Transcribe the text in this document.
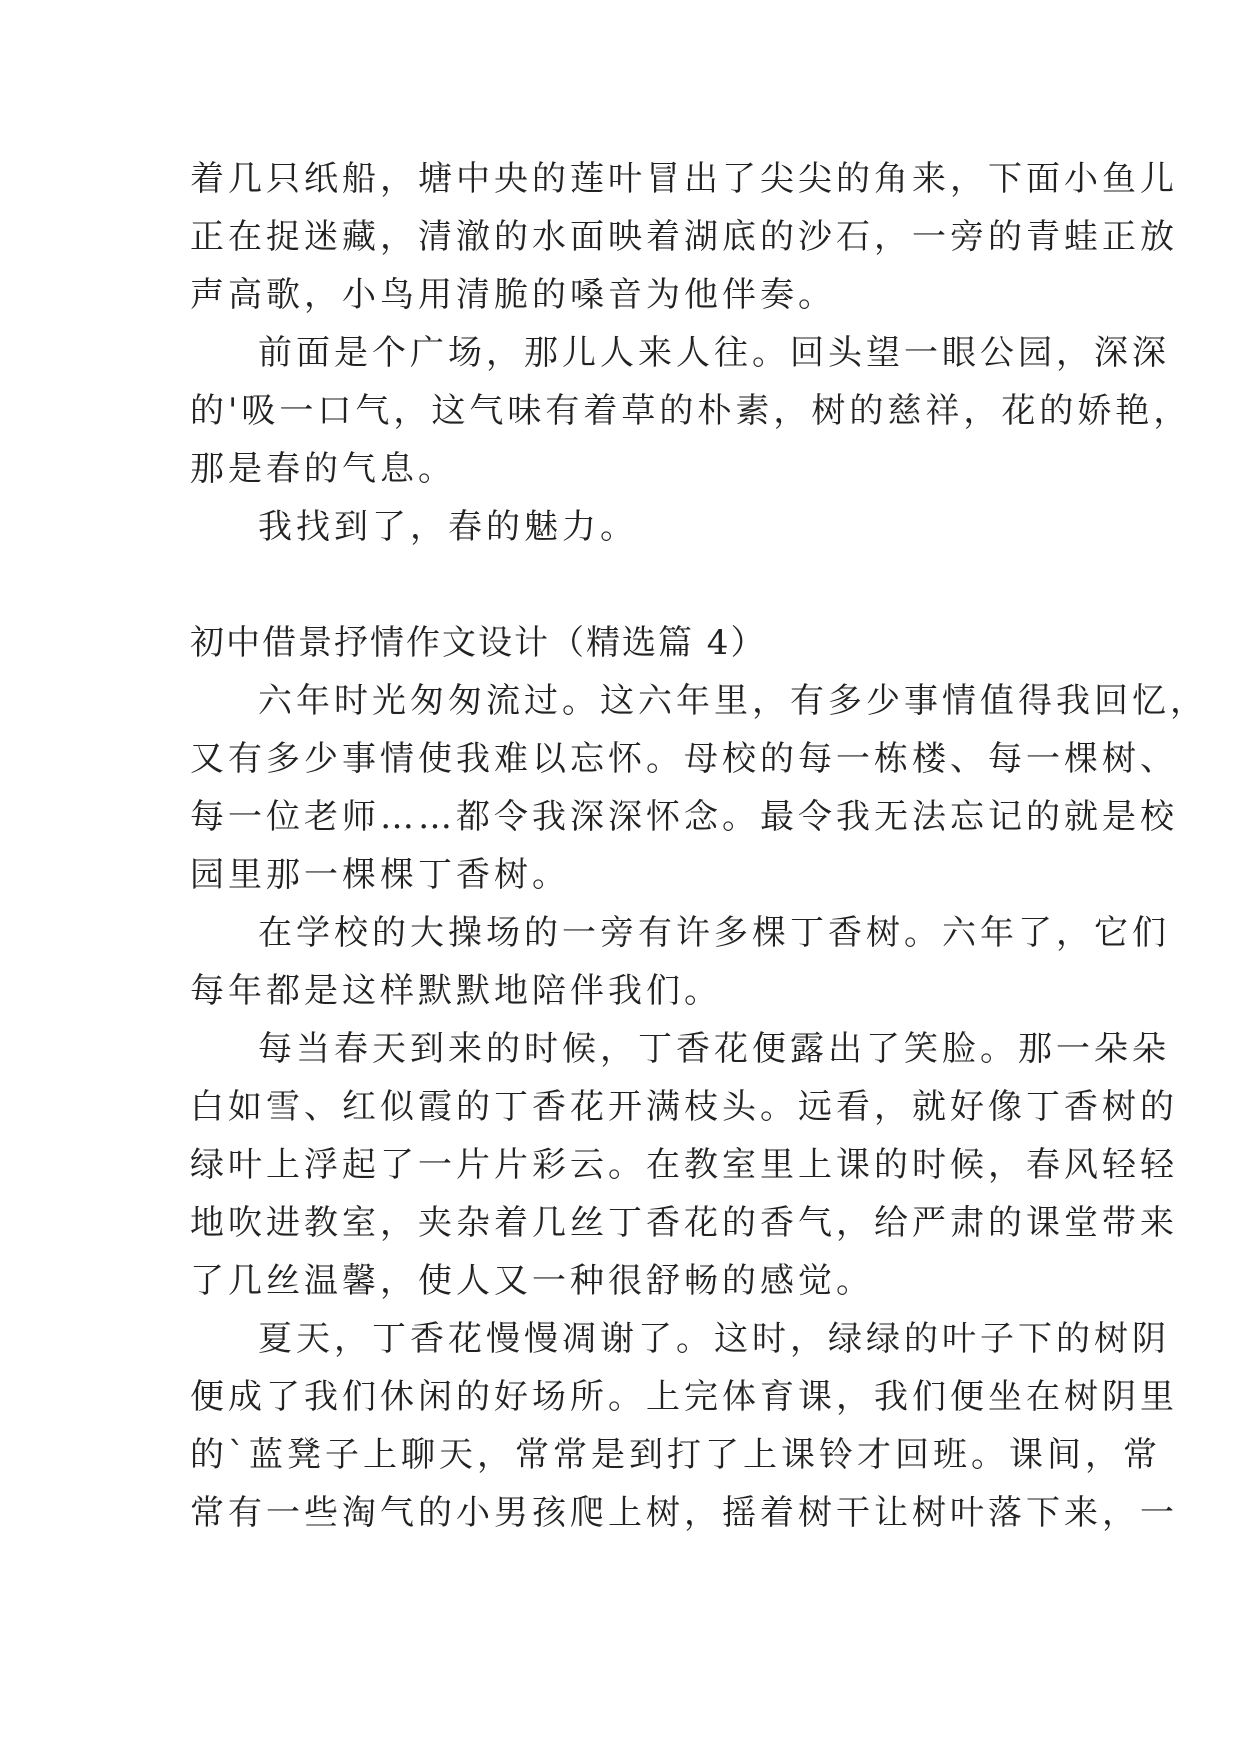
着几只纸船，塘中央的莲叶冒出了尖尖的角来，下面小鱼儿
正在捉迷藏，清澈的水面映着湖底的沙石，一旁的青蛙正放
声高歌，小鸟用清脆的嗓音为他伴奏。
前面是个广场，那儿人来人往。回头望一眼公园，深深
的'吸一口气，这气味有着草的朴素，树的慈祥，花的娇艳，
那是春的气息。
我找到了，春的魅力。
初中借景抒情作文设计（精选篇 4）
六年时光匆匆流过。这六年里，有多少事情值得我回忆，
又有多少事情使我难以忘怀。母校的每一栋楼、每一棵树、
每一位老师……都令我深深怀念。最令我无法忘记的就是校
园里那一棵棵丁香树。
在学校的大操场的一旁有许多棵丁香树。六年了，它们
每年都是这样默默地陪伴我们。
每当春天到来的时候，丁香花便露出了笑脸。那一朵朵
白如雪、红似霞的丁香花开满枝头。远看，就好像丁香树的
绿叶上浮起了一片片彩云。在教室里上课的时候，春风轻轻
地吹进教室，夹杂着几丝丁香花的香气，给严肃的课堂带来
了几丝温馨，使人又一种很舒畅的感觉。
夏天，丁香花慢慢凋谢了。这时，绿绿的叶子下的树阴
便成了我们休闲的好场所。上完体育课，我们便坐在树阴里
的`蓝凳子上聊天，常常是到打了上课铃才回班。课间，常
常有一些淘气的小男孩爬上树，摇着树干让树叶落下来，一
